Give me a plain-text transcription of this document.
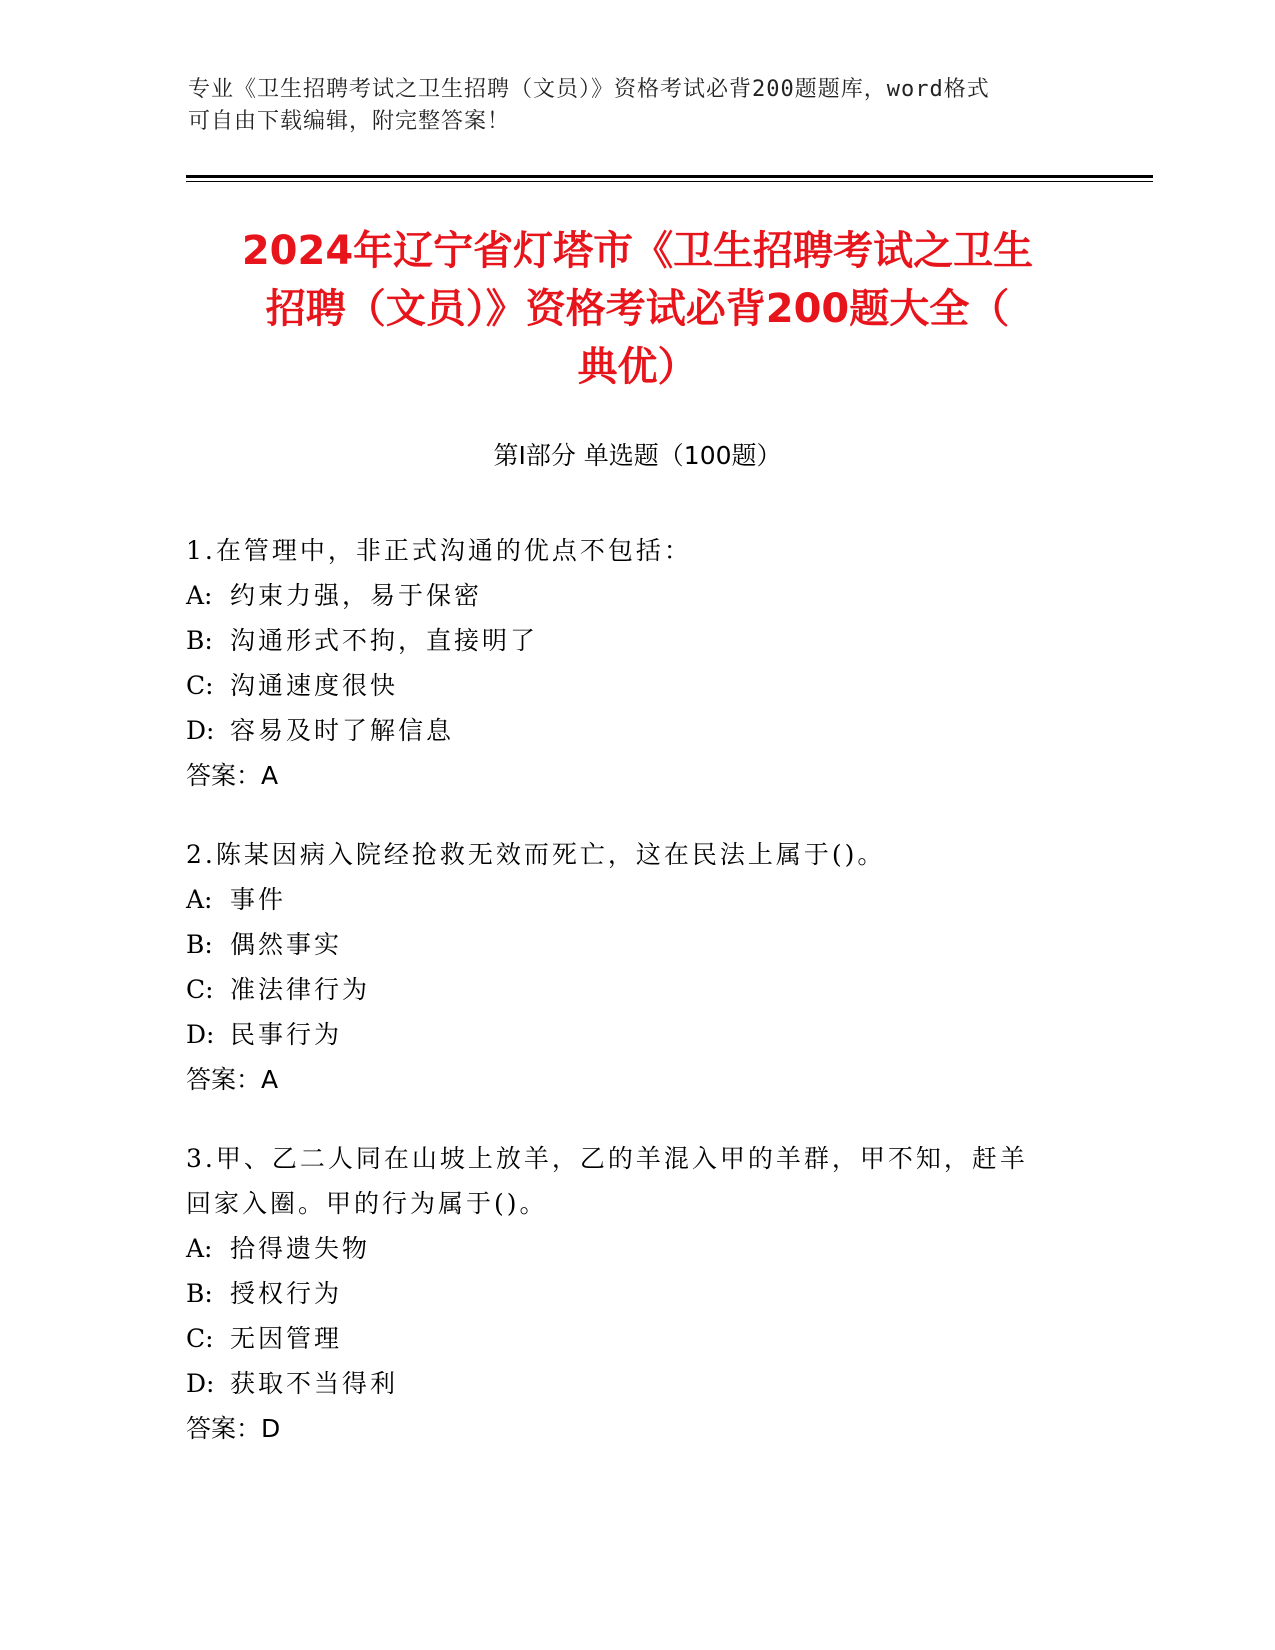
专业《卫生招聘考试之卫生招聘（文员）》资格考试必背200题题库，word格式
可自由下载编辑，附完整答案！
2024年辽宁省灯塔市《卫生招聘考试之卫生
招聘（文员）》资格考试必背200题大全（
典优）
第Ⅰ部分 单选题（100题）
1.在管理中，非正式沟通的优点不包括：
A: 约束力强，易于保密
B: 沟通形式不拘，直接明了
C: 沟通速度很快
D: 容易及时了解信息
答案：A
2.陈某因病入院经抢救无效而死亡，这在民法上属于()。
A: 事件
B: 偶然事实
C: 准法律行为
D: 民事行为
答案：A
3.甲、乙二人同在山坡上放羊，乙的羊混入甲的羊群，甲不知，赶羊
回家入圈。甲的行为属于()。
A: 拾得遗失物
B: 授权行为
C: 无因管理
D: 获取不当得利
答案：D
